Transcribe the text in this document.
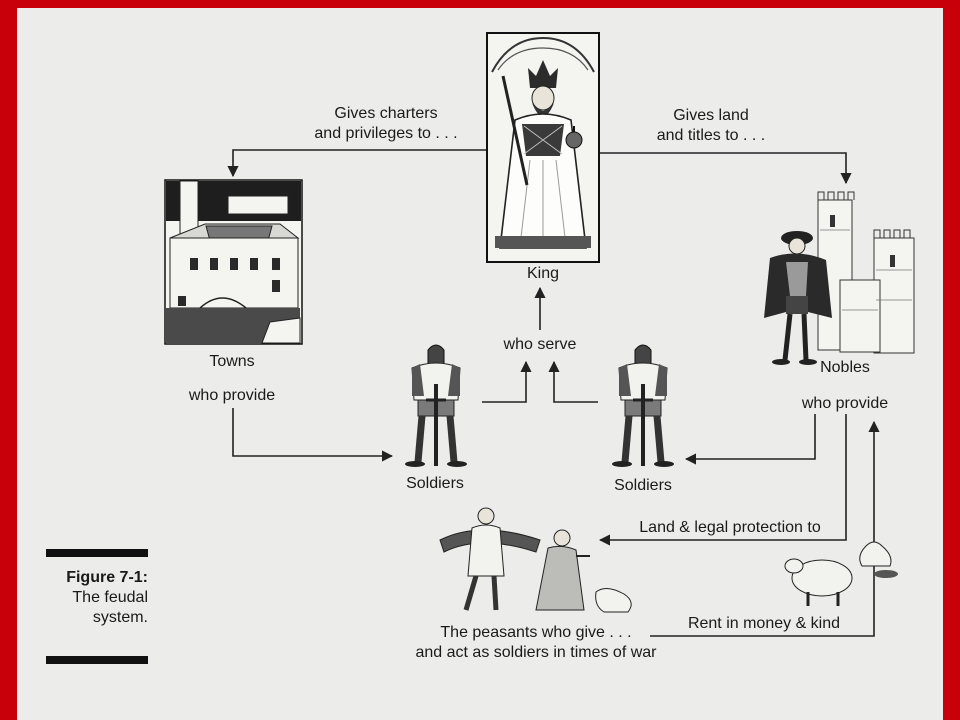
Gives charters
and privileges to . . .
Gives land
and titles to . . .
King
who serve
Towns
who provide
Nobles
who provide
Soldiers	Soldiers
Land & legal protection to
Rent in money & kind
The peasants who give . . .
and act as soldiers in times of war
Figure 7-1:
The feudal
system.
